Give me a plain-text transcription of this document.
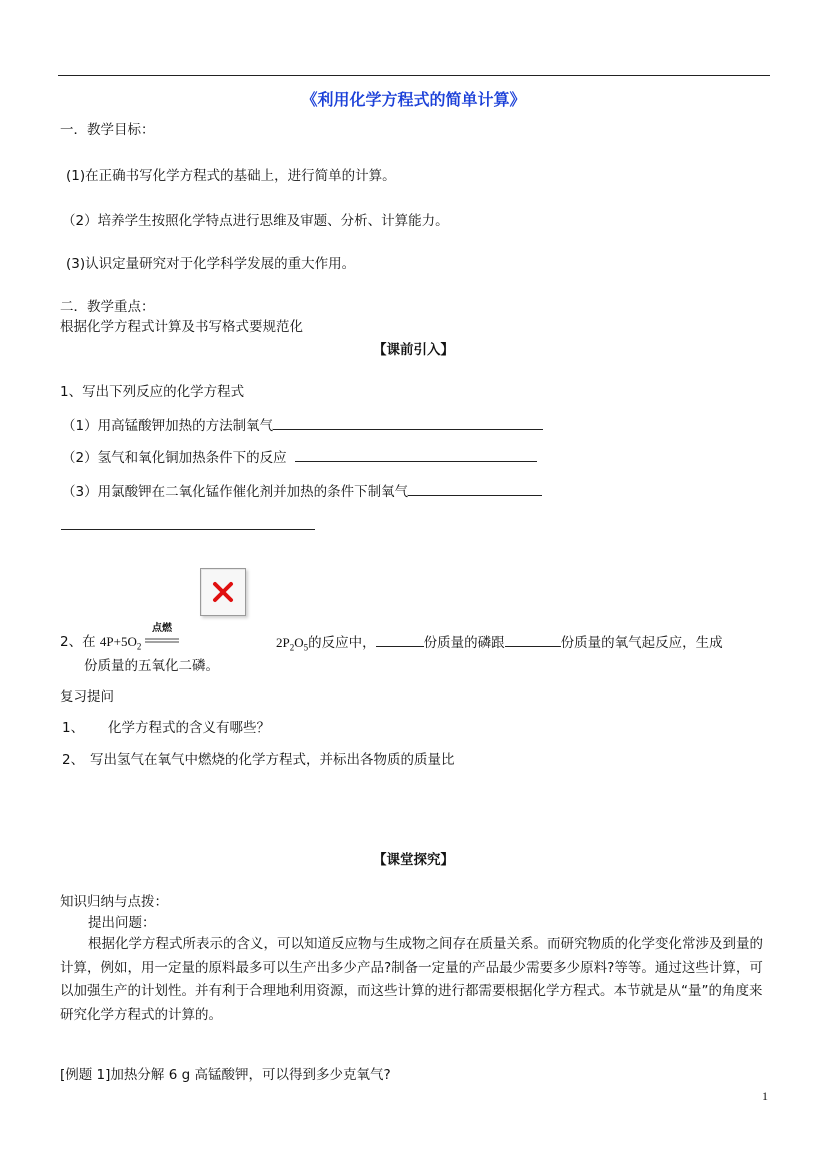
《利用化学方程式的简单计算》
一．教学目标：
(1)在正确书写化学方程式的基础上，进行简单的计算。
（2）培养学生按照化学特点进行思维及审题、分析、计算能力。
(3)认识定量研究对于化学科学发展的重大作用。
二．教学重点：
根据化学方程式计算及书写格式要规范化
【课前引入】
1、写出下列反应的化学方程式
（1）用高锰酸钾加热的方法制氧气
（2）氢气和氧化铜加热条件下的反应
（3）用氯酸钾在二氧化锰作催化剂并加热的条件下制氧气
2、在 $4P+5O_2$
点燃
$2P_2O_5$的反应中，	份质量的磷跟	份质量的氧气起反应，生成
份质量的五氧化二磷。
复习提问
1、 化学方程式的含义有哪些？
2、 写出氢气在氧气中燃烧的化学方程式，并标出各物质的质量比
【课堂探究】
知识归纳与点拨：
提出问题：
根据化学方程式所表示的含义，可以知道反应物与生成物之间存在质量关系。而研究物质的化学变化常涉及到量的计算，例如，用一定量的原料最多可以生产出多少产品?制备一定量的产品最少需要多少原料?等等。通过这些计算，可以加强生产的计划性。并有利于合理地利用资源，而这些计算的进行都需要根据化学方程式。本节就是从“量”的角度来研究化学方程式的计算的。
[例题 1]加热分解 6 g 高锰酸钾，可以得到多少克氧气?
1
